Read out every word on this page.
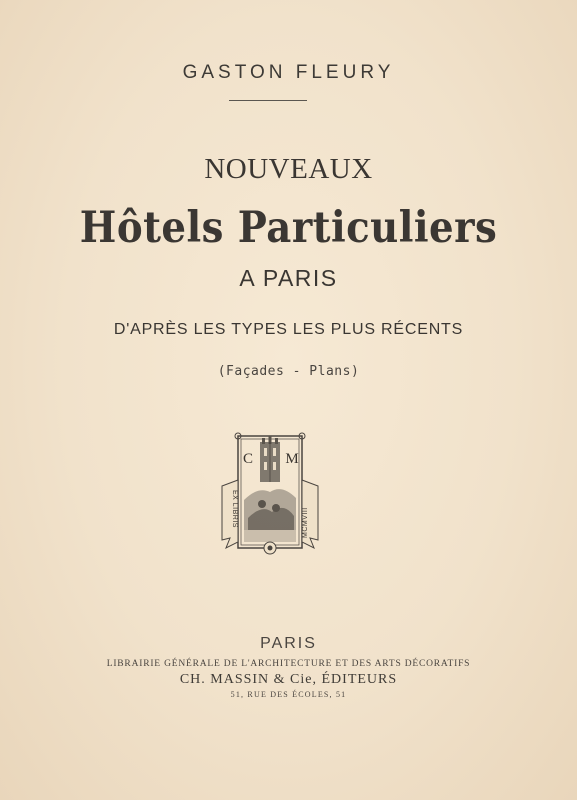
GASTON FLEURY
NOUVEAUX
Hôtels Particuliers
A PARIS
D'APRÈS LES TYPES LES PLUS RÉCENTS
(Façades - Plans)
C M
EX LIBRIS	MCMVIII
PARIS
LIBRAIRIE GÉNÉRALE DE L'ARCHITECTURE ET DES ARTS DÉCORATIFS
CH. MASSIN & Cie, ÉDITEURS
51, RUE DES ÉCOLES, 51
